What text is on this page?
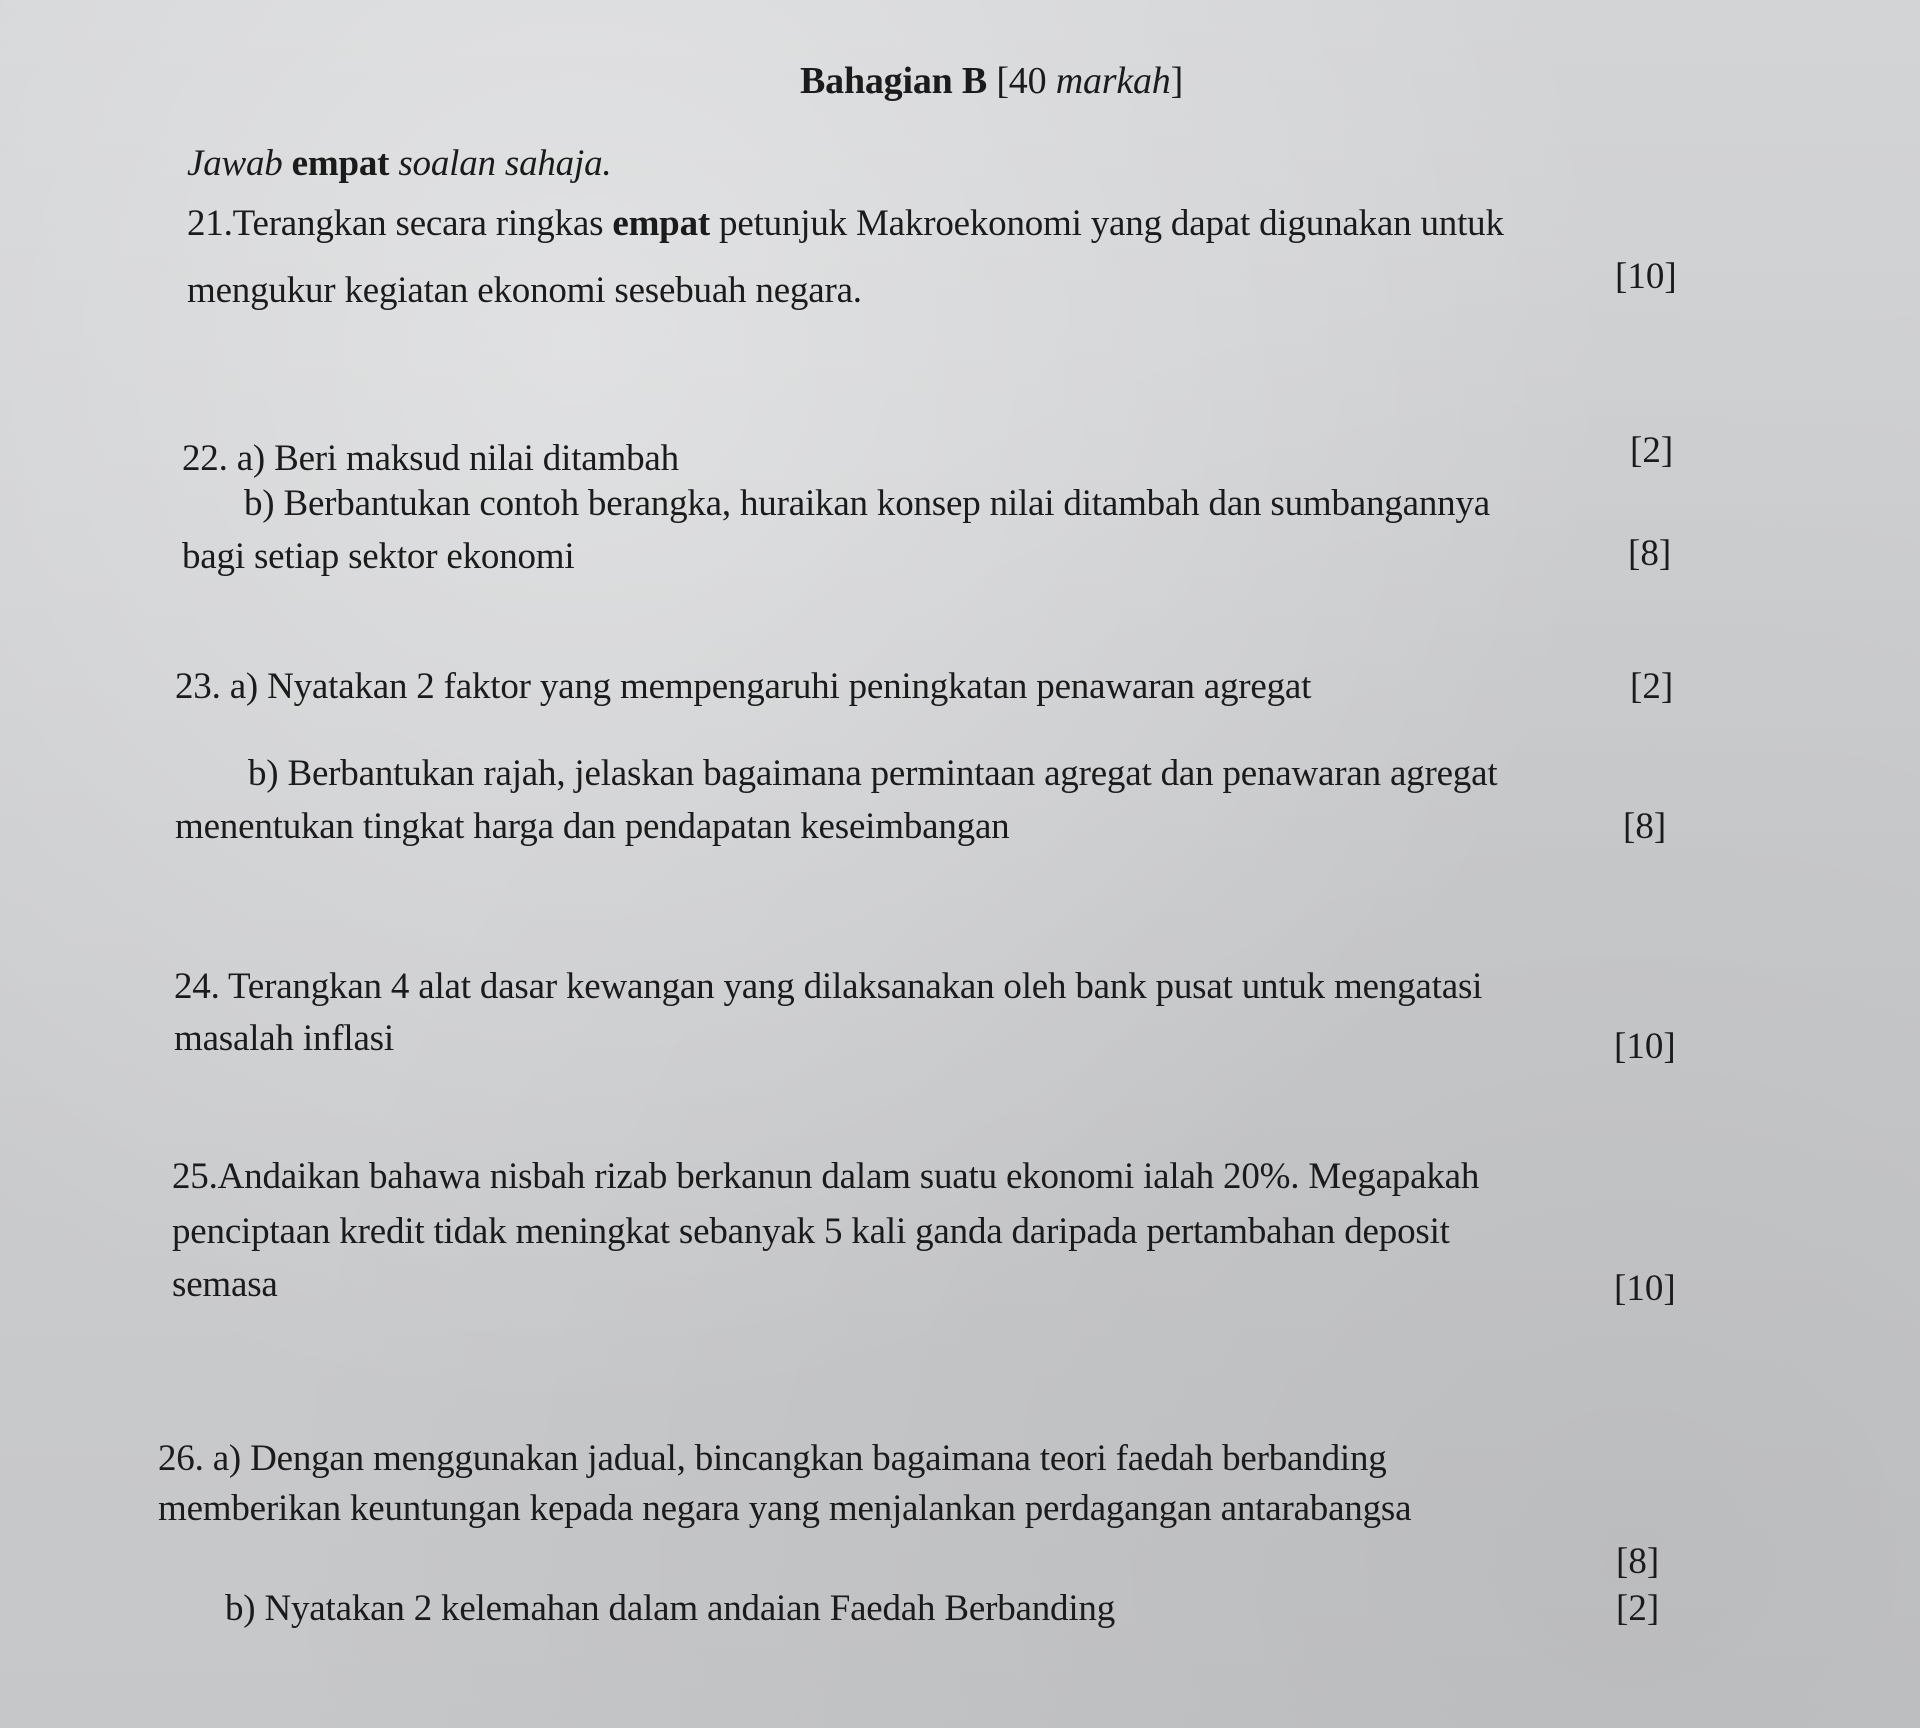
Bahagian B [40 markah]
Jawab empat soalan sahaja.
21.Terangkan secara ringkas empat petunjuk Makroekonomi yang dapat digunakan untuk
mengukur kegiatan ekonomi sesebuah negara.	[10]
22. a) Beri maksud nilai ditambah	[2]
b) Berbantukan contoh berangka, huraikan konsep nilai ditambah dan sumbangannya
bagi setiap sektor ekonomi	[8]
23. a) Nyatakan 2 faktor yang mempengaruhi peningkatan penawaran agregat	[2]
b) Berbantukan rajah, jelaskan bagaimana permintaan agregat dan penawaran agregat
menentukan tingkat harga dan pendapatan keseimbangan	[8]
24. Terangkan 4 alat dasar kewangan yang dilaksanakan oleh bank pusat untuk mengatasi
masalah inflasi	[10]
25.Andaikan bahawa nisbah rizab berkanun dalam suatu ekonomi ialah 20%. Megapakah
penciptaan kredit tidak meningkat sebanyak 5 kali ganda daripada pertambahan deposit
semasa	[10]
26. a) Dengan menggunakan jadual, bincangkan bagaimana teori faedah berbanding
memberikan keuntungan kepada negara yang menjalankan perdagangan antarabangsa
[8]
b) Nyatakan 2 kelemahan dalam andaian Faedah Berbanding	[2]
